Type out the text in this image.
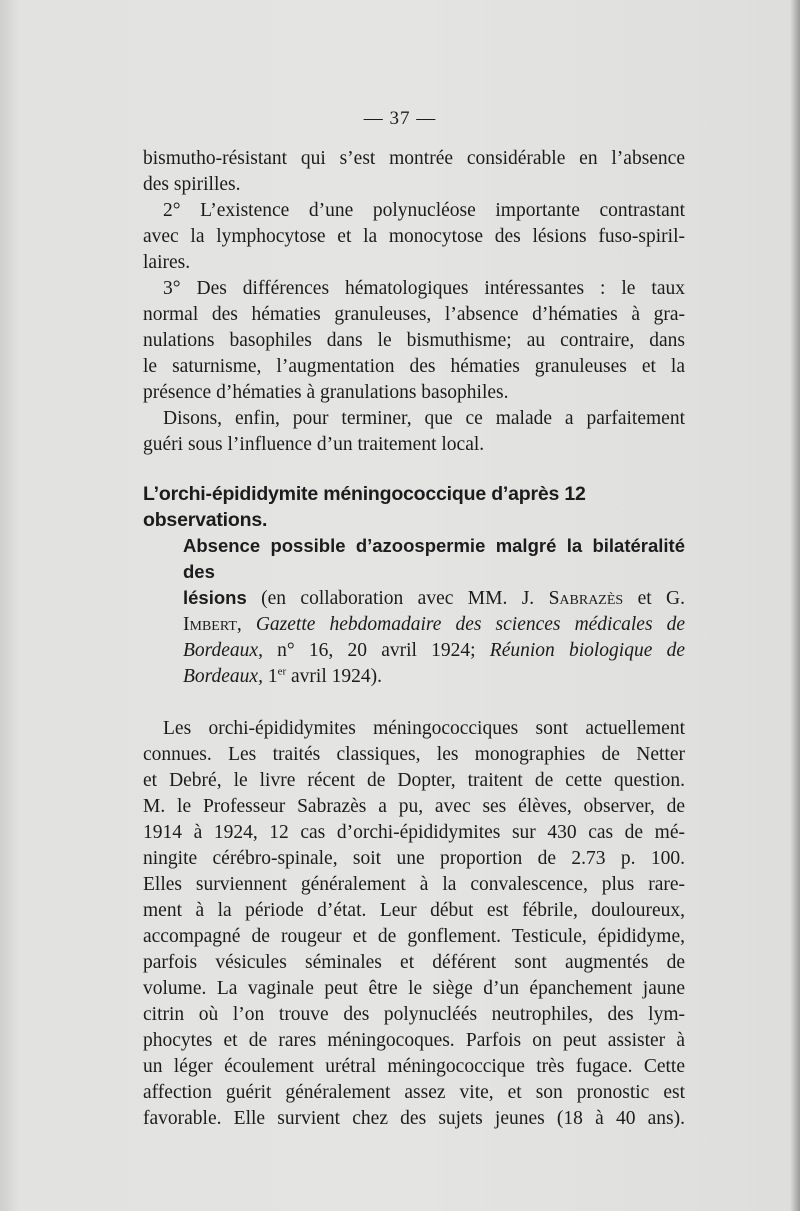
— 37 —

bismutho-résistant qui s’est montrée considérable en l’absence

des spirilles.

2° L’existence d’une polynucléose importante contrastant

avec la lymphocytose et la monocytose des lésions fuso-spiril-

laires.

3° Des différences hématologiques intéressantes : le taux

normal des hématies granuleuses, l’absence d’hématies à gra-

nulations basophiles dans le bismuthisme; au contraire, dans

le saturnisme, l’augmentation des hématies granuleuses et la

présence d’hématies à granulations basophiles.

Disons, enfin, pour terminer, que ce malade a parfaitement

guéri sous l’influence d’un traitement local.

L’orchi-épididymite méningococcique d’après 12 observations.

Absence possible d’azoospermie malgré la bilatéralité des

lésions (en collaboration avec MM. J. Sabrazès et G.

Imbert, Gazette hebdomadaire des sciences médicales de

Bordeaux, n° 16, 20 avril 1924; Réunion biologique de

Bordeaux, 1er avril 1924).

Les orchi-épididymites méningococciques sont actuellement

connues. Les traités classiques, les monographies de Netter

et Debré, le livre récent de Dopter, traitent de cette question.

M. le Professeur Sabrazès a pu, avec ses élèves, observer, de

1914 à 1924, 12 cas d’orchi-épididymites sur 430 cas de mé-

ningite cérébro-spinale, soit une proportion de 2.73 p. 100.

Elles surviennent généralement à la convalescence, plus rare-

ment à la période d’état. Leur début est fébrile, douloureux,

accompagné de rougeur et de gonflement. Testicule, épididyme,

parfois vésicules séminales et déférent sont augmentés de

volume. La vaginale peut être le siège d’un épanchement jaune

citrin où l’on trouve des polynucléés neutrophiles, des lym-

phocytes et de rares méningocoques. Parfois on peut assister à

un léger écoulement urétral méningococcique très fugace. Cette

affection guérit généralement assez vite, et son pronostic est

favorable. Elle survient chez des sujets jeunes (18 à 40 ans).
